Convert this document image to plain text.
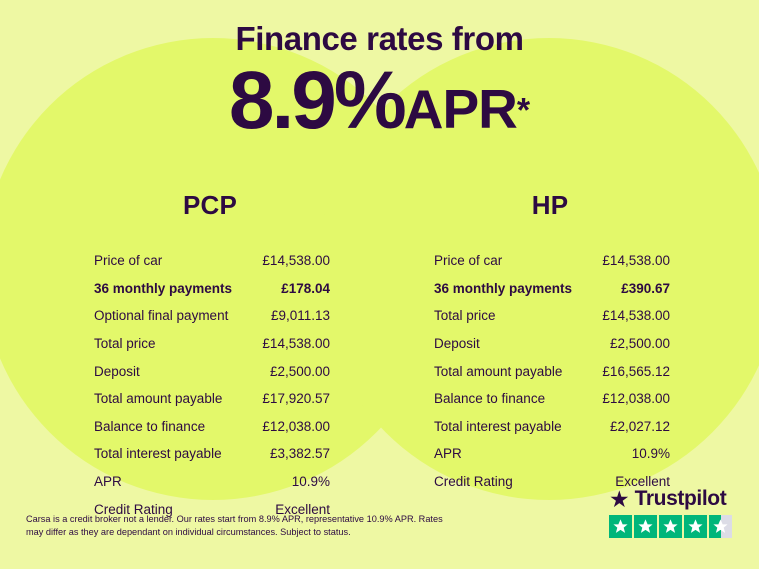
Finance rates from
8.9%APR*
PCP
Price of car	£14,538.00
36 monthly payments	£178.04
Optional final payment	£9,011.13
Total price	£14,538.00
Deposit	£2,500.00
Total amount payable	£17,920.57
Balance to finance	£12,038.00
Total interest payable	£3,382.57
APR	10.9%
Credit Rating	Excellent
HP
Price of car	£14,538.00
36 monthly payments	£390.67
Total price	£14,538.00
Deposit	£2,500.00
Total amount payable	£16,565.12
Balance to finance	£12,038.00
Total interest payable	£2,027.12
APR	10.9%
Credit Rating	Excellent
Carsa is a credit broker not a lender. Our rates start from 8.9% APR, representative 10.9% APR. Rates may differ as they are dependant on individual circumstances. Subject to status.
★ Trustpilot
